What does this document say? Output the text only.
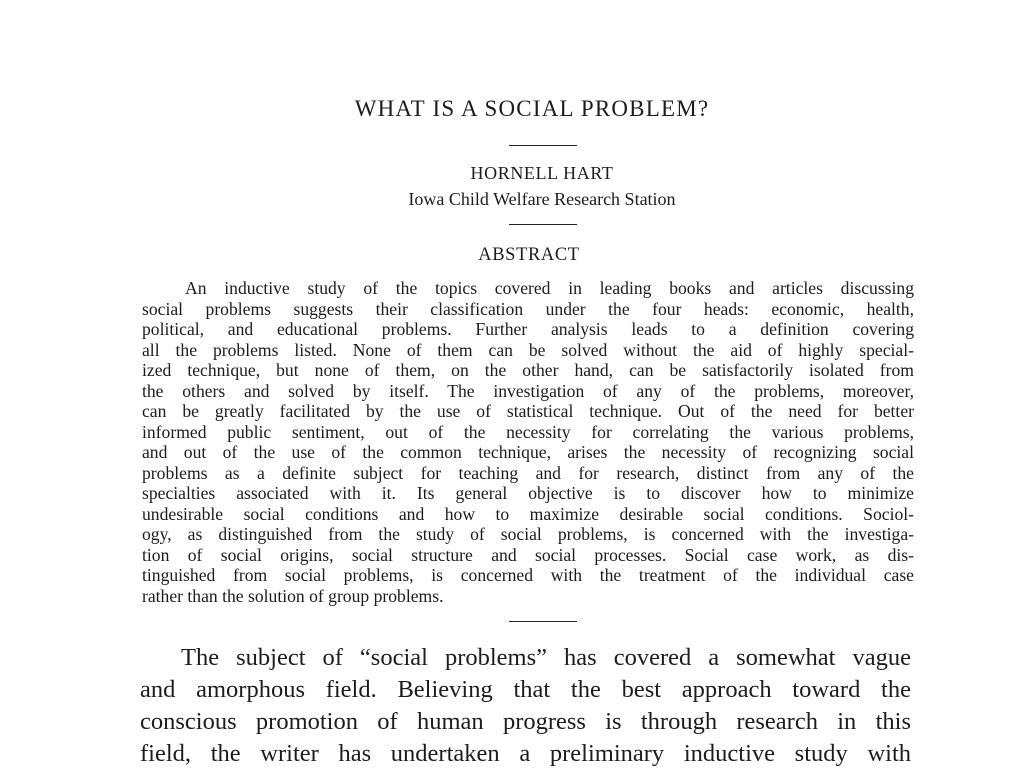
WHAT IS A SOCIAL PROBLEM?
HORNELL HART
Iowa Child Welfare Research Station
ABSTRACT
An inductive study of the topics covered in leading books and articles discussing
social problems suggests their classification under the four heads: economic, health,
political, and educational problems. Further analysis leads to a definition covering
all the problems listed. None of them can be solved without the aid of highly special-
ized technique, but none of them, on the other hand, can be satisfactorily isolated from
the others and solved by itself. The investigation of any of the problems, moreover,
can be greatly facilitated by the use of statistical technique. Out of the need for better
informed public sentiment, out of the necessity for correlating the various problems,
and out of the use of the common technique, arises the necessity of recognizing social
problems as a definite subject for teaching and for research, distinct from any of the
specialties associated with it. Its general objective is to discover how to minimize
undesirable social conditions and how to maximize desirable social conditions. Sociol-
ogy, as distinguished from the study of social problems, is concerned with the investiga-
tion of social origins, social structure and social processes. Social case work, as dis-
tinguished from social problems, is concerned with the treatment of the individual case
rather than the solution of group problems.
The subject of “social problems” has covered a somewhat vague
and amorphous field. Believing that the best approach toward the
conscious promotion of human progress is through research in this
field, the writer has undertaken a preliminary inductive study with
